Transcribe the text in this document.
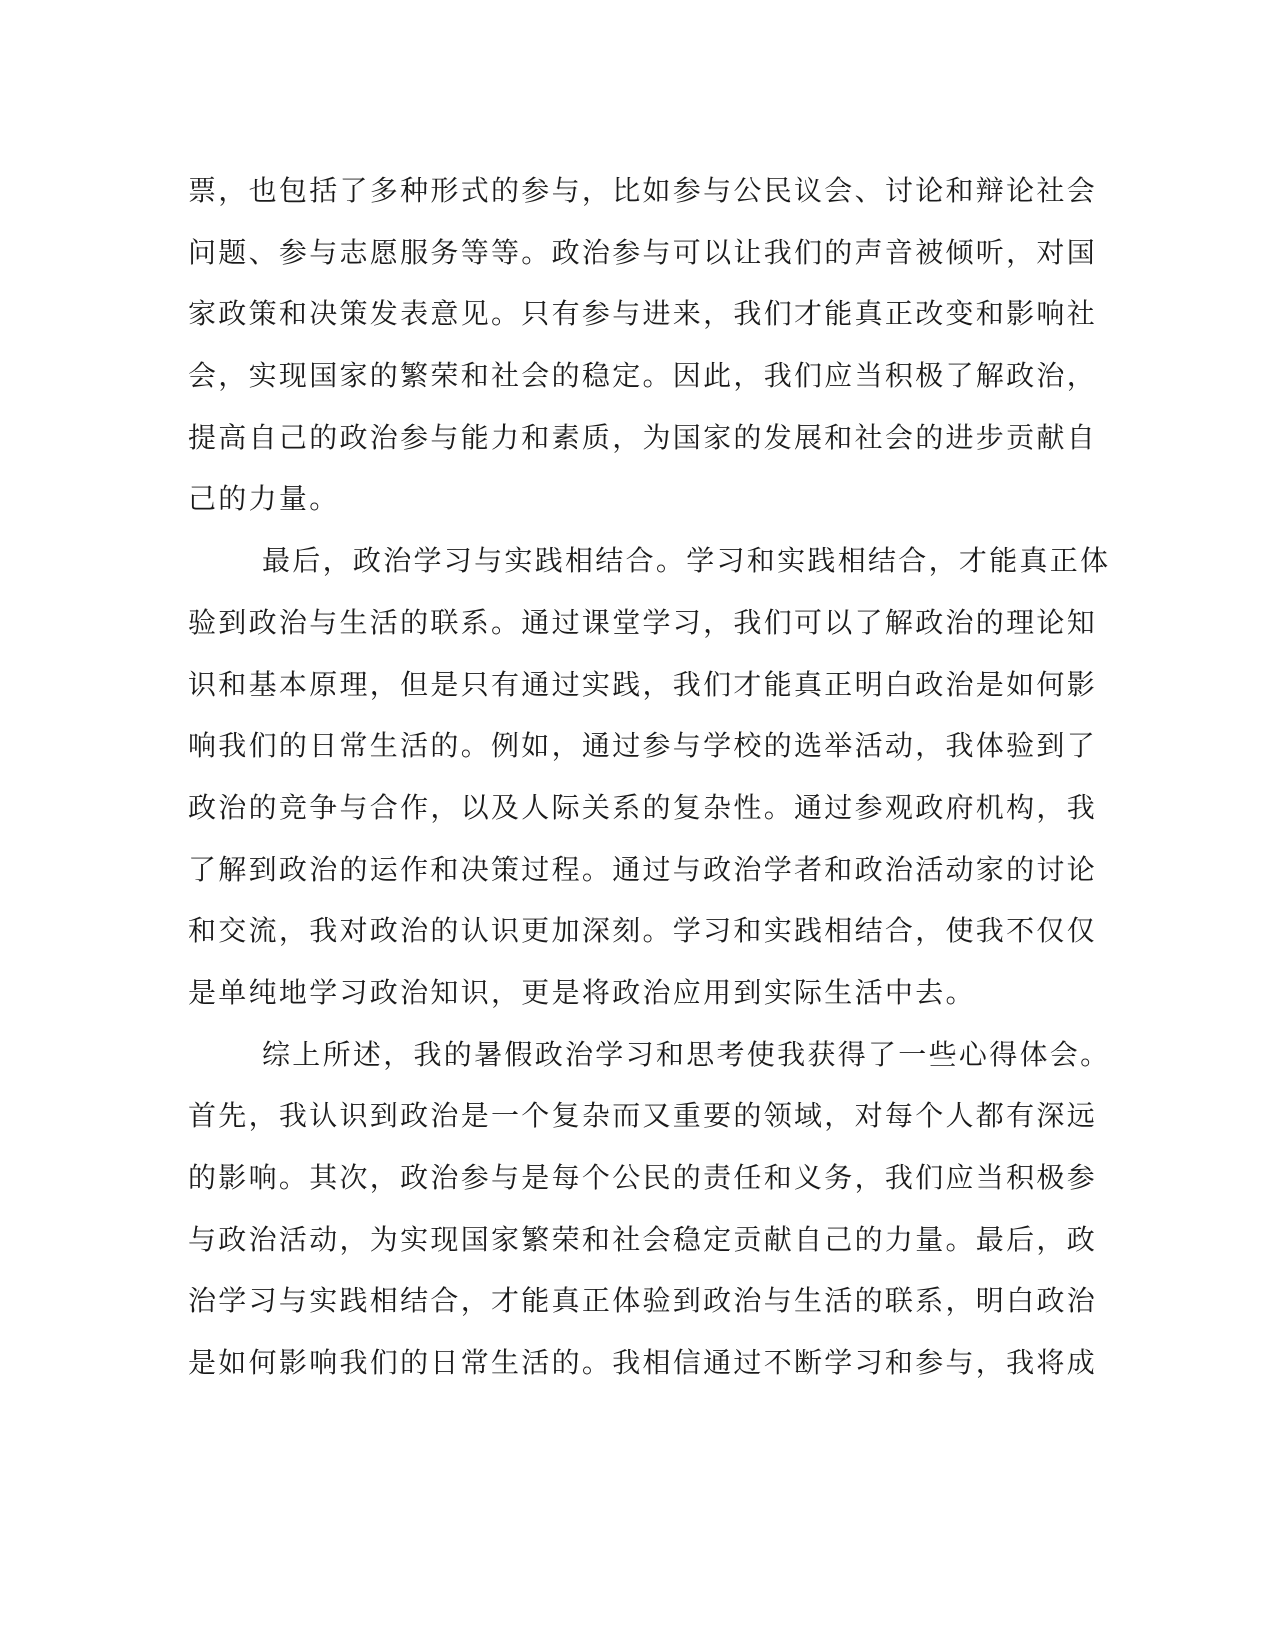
票，也包括了多种形式的参与，比如参与公民议会、讨论和辩论社会
问题、参与志愿服务等等。政治参与可以让我们的声音被倾听，对国
家政策和决策发表意见。只有参与进来，我们才能真正改变和影响社
会，实现国家的繁荣和社会的稳定。因此，我们应当积极了解政治，
提高自己的政治参与能力和素质，为国家的发展和社会的进步贡献自
己的力量。
最后，政治学习与实践相结合。学习和实践相结合，才能真正体
验到政治与生活的联系。通过课堂学习，我们可以了解政治的理论知
识和基本原理，但是只有通过实践，我们才能真正明白政治是如何影
响我们的日常生活的。例如，通过参与学校的选举活动，我体验到了
政治的竞争与合作，以及人际关系的复杂性。通过参观政府机构，我
了解到政治的运作和决策过程。通过与政治学者和政治活动家的讨论
和交流，我对政治的认识更加深刻。学习和实践相结合，使我不仅仅
是单纯地学习政治知识，更是将政治应用到实际生活中去。
综上所述，我的暑假政治学习和思考使我获得了一些心得体会。
首先，我认识到政治是一个复杂而又重要的领域，对每个人都有深远
的影响。其次，政治参与是每个公民的责任和义务，我们应当积极参
与政治活动，为实现国家繁荣和社会稳定贡献自己的力量。最后，政
治学习与实践相结合，才能真正体验到政治与生活的联系，明白政治
是如何影响我们的日常生活的。我相信通过不断学习和参与，我将成
